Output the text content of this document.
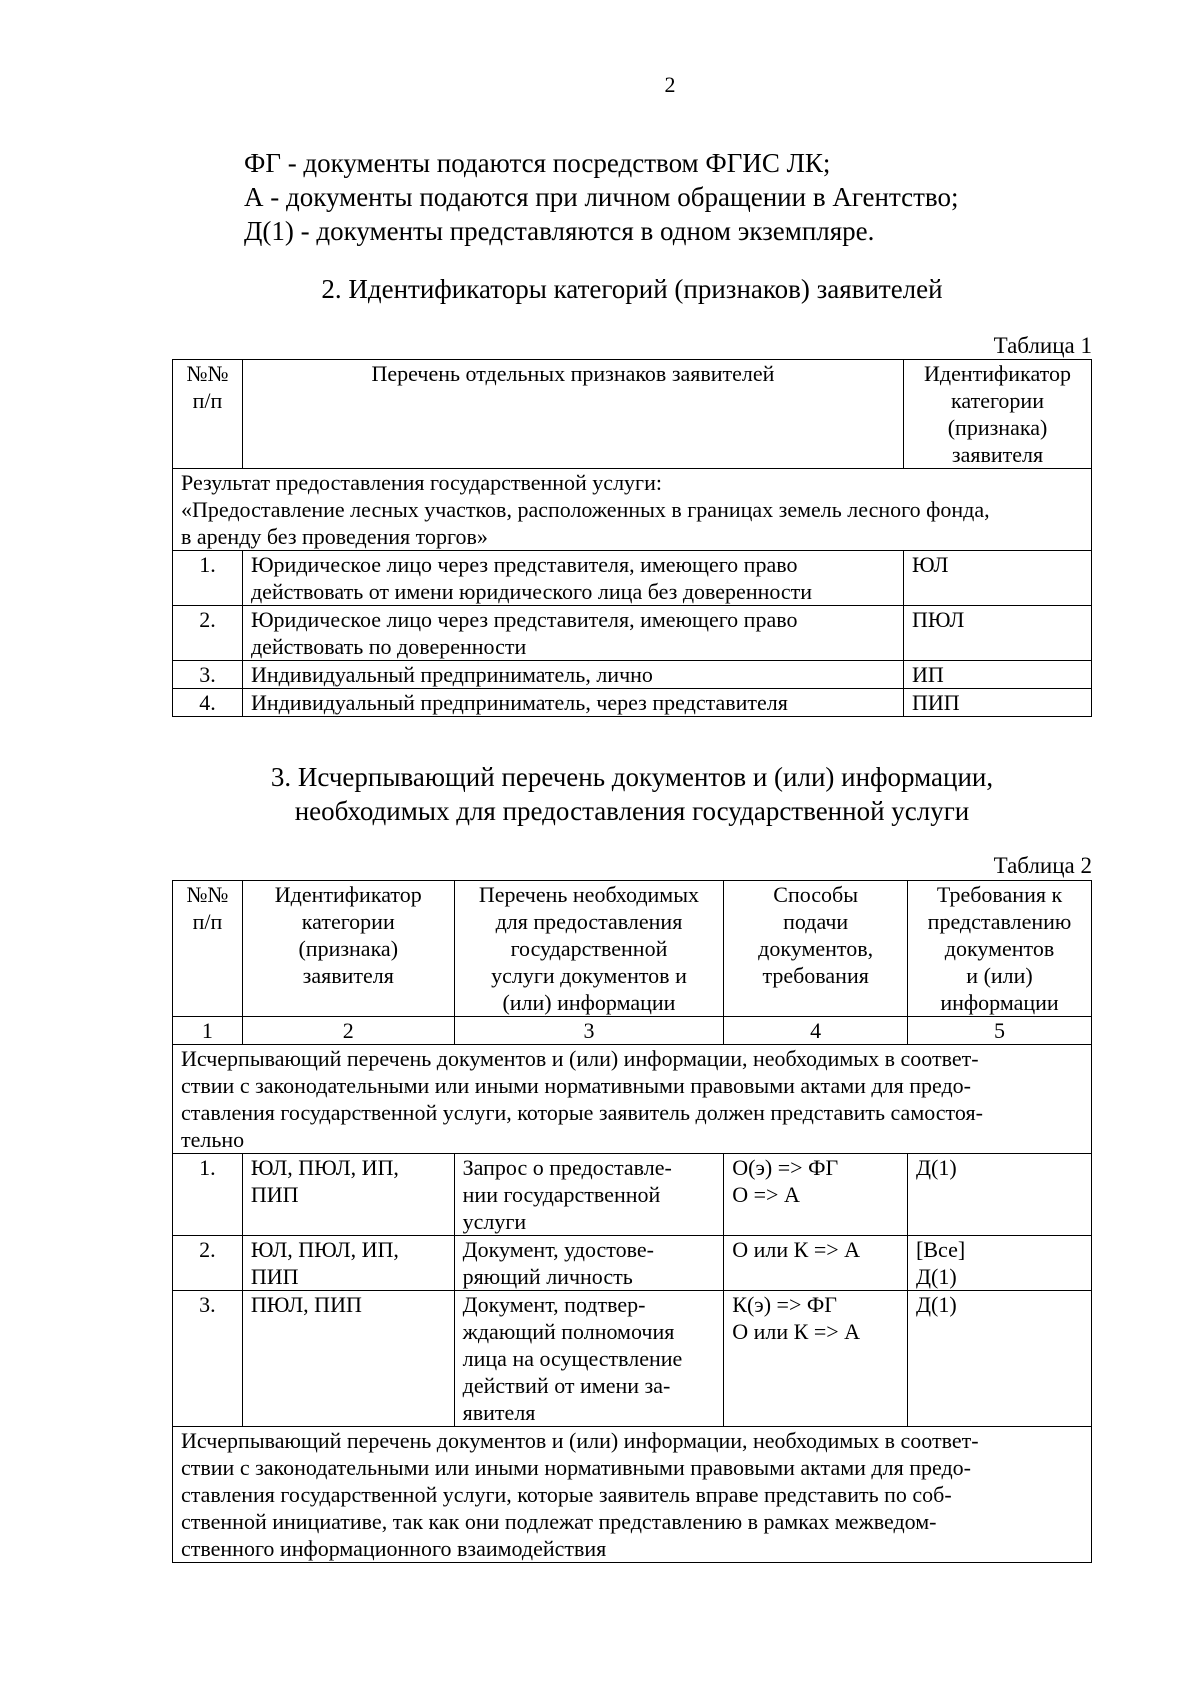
2
ФГ - документы подаются посредством ФГИС ЛК;
А - документы подаются при личном обращении в Агентство;
Д(1) - документы представляются в одном экземпляре.
2. Идентификаторы категорий (признаков) заявителей
Таблица 1
№№
п/п	Перечень отдельных признаков заявителей	Идентификатор
категории
(признака)
заявителя

Результат предоставления государственной услуги:
«Предоставление лесных участков, расположенных в границах земель лесного фонда,
в аренду без проведения торгов»		

1.	Юридическое лицо через представителя, имеющего право
действовать от имени юридического лица без доверенности	ЮЛ
2.	Юридическое лицо через представителя, имеющего право
действовать по доверенности	ПЮЛ
3.	Индивидуальный предприниматель, лично	ИП
4.	Индивидуальный предприниматель, через представителя	ПИП
3. Исчерпывающий перечень документов и (или) информации,
необходимых для предоставления государственной услуги
Таблица 2
№№
п/п	Идентификатор
категории
(признака)
заявителя	Перечень необходимых
для предоставления
государственной
услуги документов и
(или) информации	Способы
подачи
документов,
требования	Требования к
представлению
документов
и (или)
информации

1	2	3	4	5

Исчерпывающий перечень документов и (или) информации, необходимых в соответ-
ствии с законодательными или иными нормативными правовыми актами для предо-
ставления государственной услуги, которые заявитель должен представить самостоя-
тельно				

1.	ЮЛ, ПЮЛ, ИП,
ПИП	Запрос о предоставле-
нии государственной
услуги	О(э) => ФГ
О => А	Д(1)

2.	ЮЛ, ПЮЛ, ИП,
ПИП	Документ, удостове-
ряющий личность	О или К => А	[Все]
Д(1)

3.	ПЮЛ, ПИП	Документ, подтвер-
ждающий полномочия
лица на осуществление
действий от имени за-
явителя	К(э) => ФГ
О или К => А	Д(1)

Исчерпывающий перечень документов и (или) информации, необходимых в соответ-
ствии с законодательными или иными нормативными правовыми актами для предо-
ставления государственной услуги, которые заявитель вправе представить по соб-
ственной инициативе, так как они подлежат представлению в рамках межведом-
ственного информационного взаимодействия				
